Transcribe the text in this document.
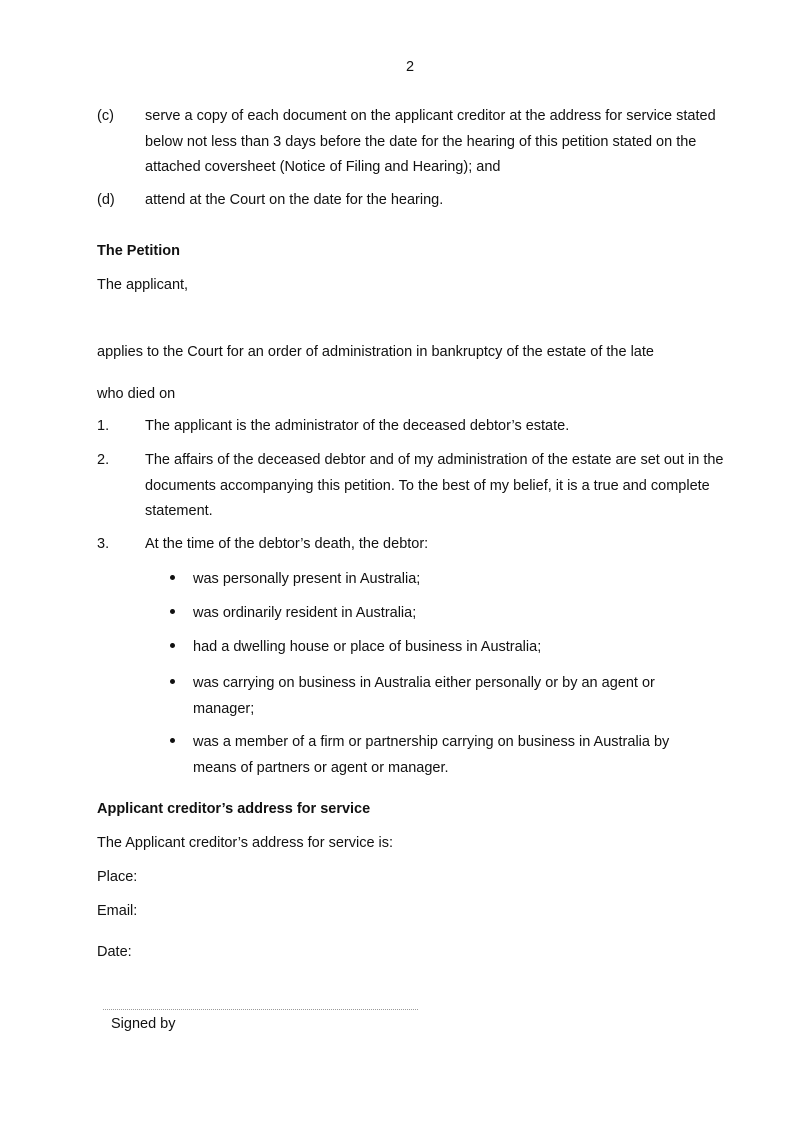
2
(c) serve a copy of each document on the applicant creditor at the address for service stated below not less than 3 days before the date for the hearing of this petition stated on the attached coversheet (Notice of Filing and Hearing); and
(d) attend at the Court on the date for the hearing.
The Petition
The applicant,
applies to the Court for an order of administration in bankruptcy of the estate of the late
who died on
1. The applicant is the administrator of the deceased debtor’s estate.
2. The affairs of the deceased debtor and of my administration of the estate are set out in the documents accompanying this petition. To the best of my belief, it is a true and complete statement.
3. At the time of the debtor’s death, the debtor:
was personally present in Australia;
was ordinarily resident in Australia;
had a dwelling house or place of business in Australia;
was carrying on business in Australia either personally or by an agent or manager;
was a member of a firm or partnership carrying on business in Australia by means of partners or agent or manager.
Applicant creditor’s address for service
The Applicant creditor’s address for service is:
Place:
Email:
Date:
Signed by
